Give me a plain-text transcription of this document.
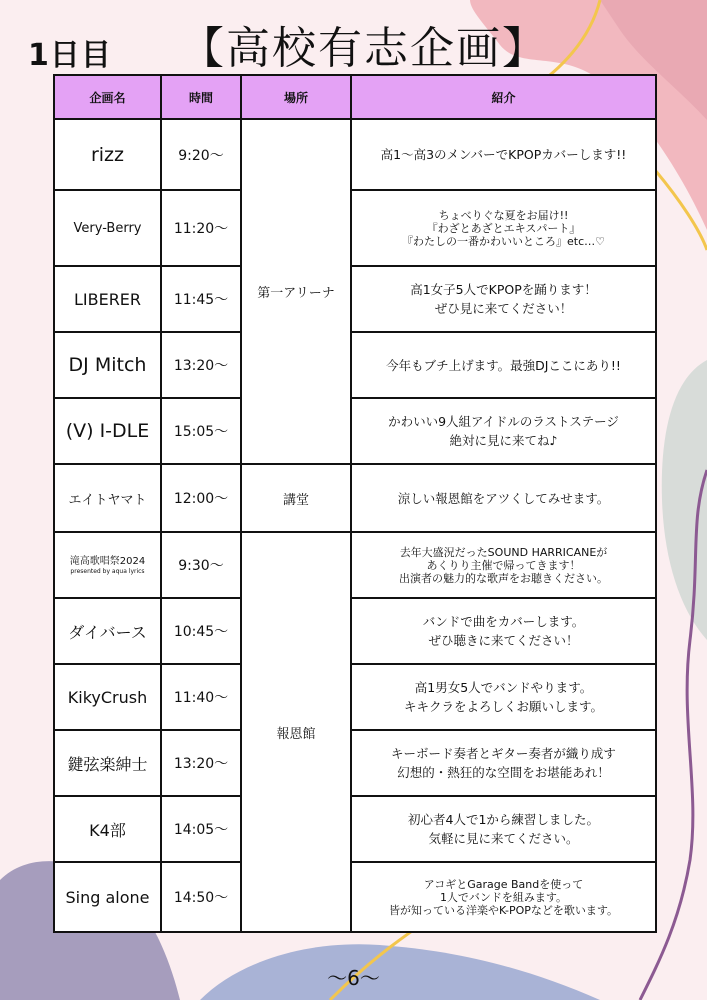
1日目 【高校有志企画】
企画名	時間	場所	紹介
rizz	9:20〜	第一アリーナ	高1〜高3のメンバーでKPOPカバーします!!

Very-Berry	11:20〜		ちょべりぐな夏をお届け!!
『わざとあざとエキスパート』
『わたしの一番かわいいところ』etc…♡

LIBERER	11:45〜		高1女子5人でKPOPを踊ります！
ぜひ見に来てください！

DJ Mitch	13:20〜		今年もブチ上げます。最強DJここにあり!!

(V) I-DLE	15:05〜		かわいい9人組アイドルのラストステージ
絶対に見に来てね♪

エイトヤマト	12:00〜	講堂	涼しい報恩館をアツくしてみせます。

滝高歌唱祭2024
presented by aqua lyrics	9:30〜	報恩館	去年大盛況だったSOUND HARRICANEが
あくりり主催で帰ってきます！
出演者の魅力的な歌声をお聴きください。

ダイバース	10:45〜		バンドで曲をカバーします。
ぜひ聴きに来てください！

KikyCrush	11:40〜		高1男女5人でバンドやります。
キキクラをよろしくお願いします。

鍵弦楽紳士	13:20〜		キーボード奏者とギター奏者が織り成す
幻想的・熱狂的な空間をお堪能あれ！

K4部	14:05〜		初心者4人で1から練習しました。
気軽に見に来てください。

Sing alone	14:50〜		アコギとGarage Bandを使って
1人でバンドを組みます。
皆が知っている洋楽やK-POPなどを歌います。

〜6〜
